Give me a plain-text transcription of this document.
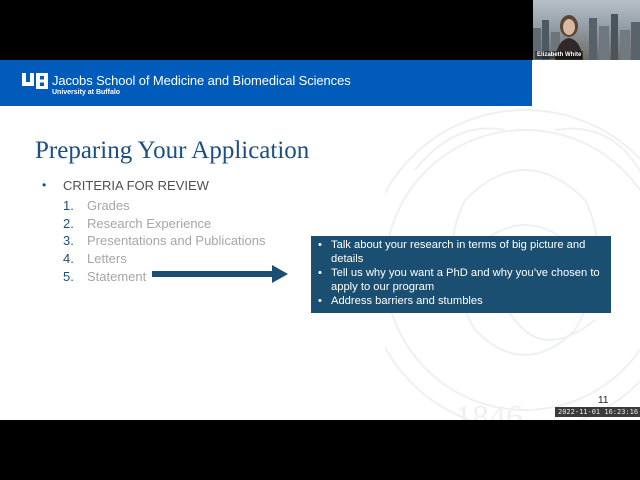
1846
Jacobs School of Medicine and Biomedical Sciences
University at Buffalo
Preparing Your Application
• CRITERIA FOR REVIEW
1. Grades
2. Research Experience
3. Presentations and Publications
4. Letters
5. Statement
• Talk about your research in terms of big picture and details
• Tell us why you want a PhD and why you’ve chosen to apply to our program
• Address barriers and stumbles
11
Elizabeth White
2022-11-01 16:23:16
